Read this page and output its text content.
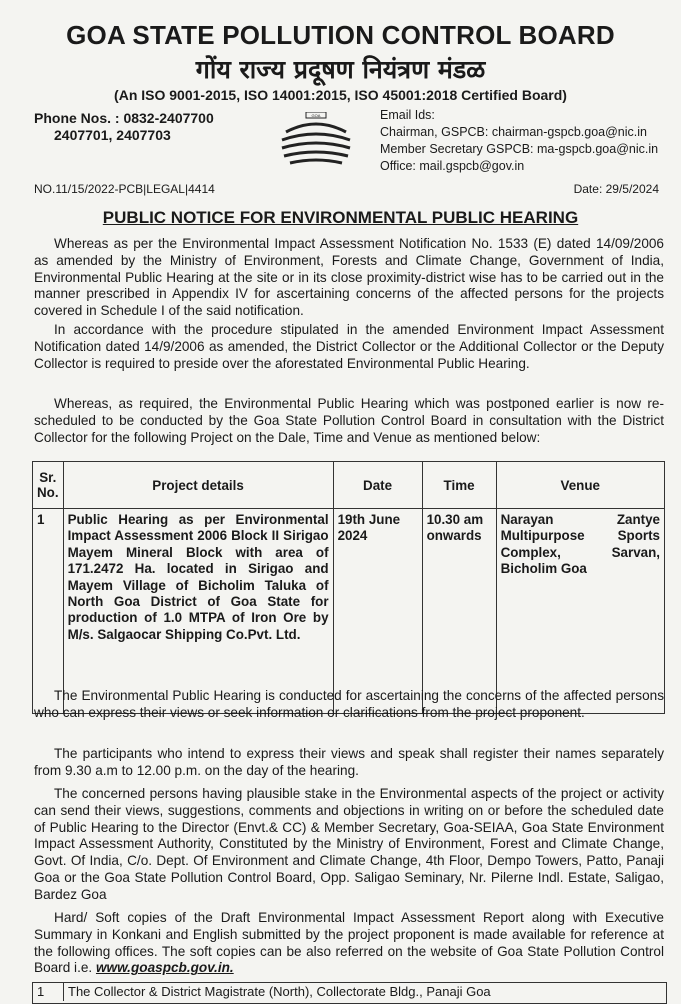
GOA STATE POLLUTION CONTROL BOARD
गोंय राज्य प्रदूषण नियंत्रण मंडळ
(An ISO 9001-2015, ISO 14001:2015, ISO 45001:2018 Certified Board)
Phone Nos. : 0832-2407700
2407701, 2407703
GOA	Email Ids:
Chairman, GSPCB: chairman-gspcb.goa@nic.in
Member Secretary GSPCB: ma-gspcb.goa@nic.in
Office: mail.gspcb@gov.in
NO.11/15/2022-PCB|LEGAL|4414	Date: 29/5/2024
PUBLIC NOTICE FOR ENVIRONMENTAL PUBLIC HEARING

Whereas as per the Environmental Impact Assessment Notification No. 1533 (E) dated 14/09/2006 as amended by the Ministry of Environment, Forests and Climate Change, Government of India, Environmental Public Hearing at the site or in its close proximity-district wise has to be carried out in the manner prescribed in Appendix IV for ascertaining concerns of the affected persons for the projects covered in Schedule I of the said notification.

In accordance with the procedure stipulated in the amended Environment Impact Assessment Notification dated 14/9/2006 as amended, the District Collector or the Additional Collector or the Deputy Collector is required to preside over the aforestated Environmental Public Hearing.

Whereas, as required, the Environmental Public Hearing which was postponed earlier is now re-scheduled to be conducted by the Goa State Pollution Control Board in consultation with the District Collector for the following Project on the Dale, Time and Venue as mentioned below:

Sr. No.	Project details	Date	Time	Venue
1	Public Hearing as per Environmental Impact Assessment 2006 Block II Sirigao Mayem Mineral Block with area of 171.2472 Ha. located in Sirigao and Mayem Village of Bicholim Taluka of North Goa District of Goa State for production of 1.0 MTPA of Iron Ore by M/s. Salgaocar Shipping Co.Pvt. Ltd.	19th June 2024	10.30 am onwards	Narayan Zantye Multipurpose Sports Complex, Sarvan, Bicholim Goa

The Environmental Public Hearing is conducted for ascertaining the concerns of the affected persons who can express their views or seek information or clarifications from the project proponent.

The participants who intend to express their views and speak shall register their names separately from 9.30 a.m to 12.00 p.m. on the day of the hearing.

The concerned persons having plausible stake in the Environmental aspects of the project or activity can send their views, suggestions, comments and objections in writing on or before the scheduled date of Public Hearing to the Director (Envt.& CC) & Member Secretary, Goa-SEIAA, Goa State Environment Impact Assessment Authority, Constituted by the Ministry of Environment, Forest and Climate Change, Govt. Of India, C/o. Dept. Of Environment and Climate Change, 4th Floor, Dempo Towers, Patto, Panaji Goa or the Goa State Pollution Control Board, Opp. Saligao Seminary, Nr. Pilerne Indl. Estate, Saligao, Bardez Goa

Hard/ Soft copies of the Draft Environmental Impact Assessment Report along with Executive Summary in Konkani and English submitted by the project proponent is made available for reference at the following offices. The soft copies can be also referred on the website of Goa State Pollution Control Board i.e. www.goaspcb.gov.in.

1 The Collector & District Magistrate (North), Collectorate Bldg., Panaji Goa
